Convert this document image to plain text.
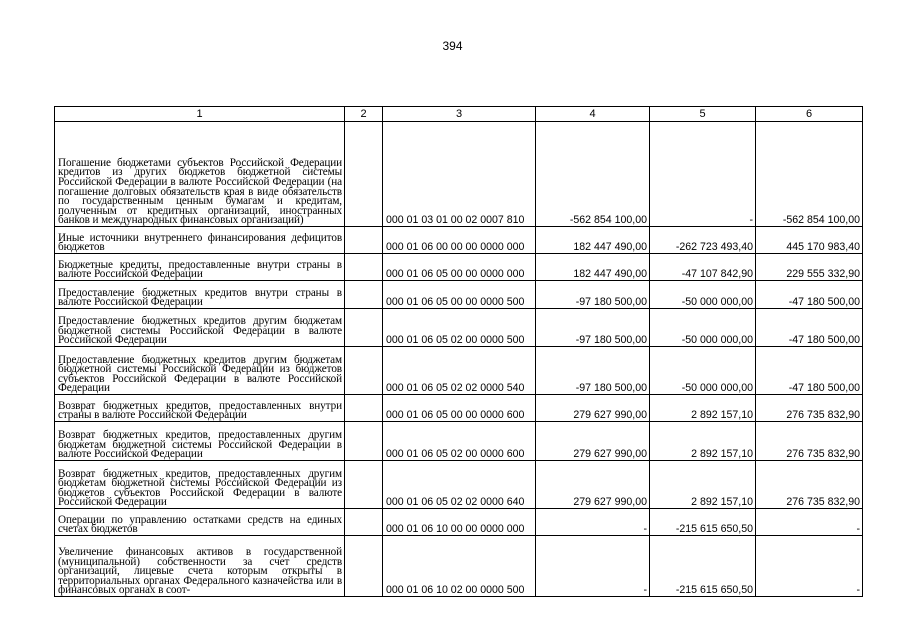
394
1	2	3	4	5	6
Погашение бюджетами субъектов Российской Федерации кредитов из других бюджетов бюджетной системы Российской Федерации в валюте Российской Федерации (на погашение долговых обязательств края в виде обязательств по государственным ценным бумагам и кредитам, полученным от кредитных организаций, иностранных банков и международных финансовых организаций)		000 01 03 01 00 02 0007 810	-562 854 100,00	-	-562 854 100,00
Иные источники внутреннего финансирования дефицитов бюджетов		000 01 06 00 00 00 0000 000	182 447 490,00	-262 723 493,40	445 170 983,40
Бюджетные кредиты, предоставленные внутри страны в валюте Российской Федерации		000 01 06 05 00 00 0000 000	182 447 490,00	-47 107 842,90	229 555 332,90
Предоставление бюджетных кредитов внутри страны в валюте Российской Федерации		000 01 06 05 00 00 0000 500	-97 180 500,00	-50 000 000,00	-47 180 500,00
Предоставление бюджетных кредитов другим бюджетам бюджетной системы Российской Федерации в валюте Российской Федерации		000 01 06 05 02 00 0000 500	-97 180 500,00	-50 000 000,00	-47 180 500,00
Предоставление бюджетных кредитов другим бюджетам бюджетной системы Российской Федерации из бюджетов субъектов Российской Федерации в валюте Российской Федерации		000 01 06 05 02 02 0000 540	-97 180 500,00	-50 000 000,00	-47 180 500,00
Возврат бюджетных кредитов, предоставленных внутри страны в валюте Российской Федерации		000 01 06 05 00 00 0000 600	279 627 990,00	2 892 157,10	276 735 832,90
Возврат бюджетных кредитов, предоставленных другим бюджетам бюджетной системы Российской Федерации в валюте Российской Федерации		000 01 06 05 02 00 0000 600	279 627 990,00	2 892 157,10	276 735 832,90
Возврат бюджетных кредитов, предоставленных другим бюджетам бюджетной системы Российской Федерации из бюджетов субъектов Российской Федерации в валюте Российской Федерации		000 01 06 05 02 02 0000 640	279 627 990,00	2 892 157,10	276 735 832,90
Операции по управлению остатками средств на единых счетах бюджетов		000 01 06 10 00 00 0000 000	-	-215 615 650,50	-
Увеличение финансовых активов в государственной (муниципальной) собственности за счет средств организаций, лицевые счета которым открыты в территориальных органах Федерального казначейства или в финансовых органах в соот-		000 01 06 10 02 00 0000 500	-	-215 615 650,50	-
